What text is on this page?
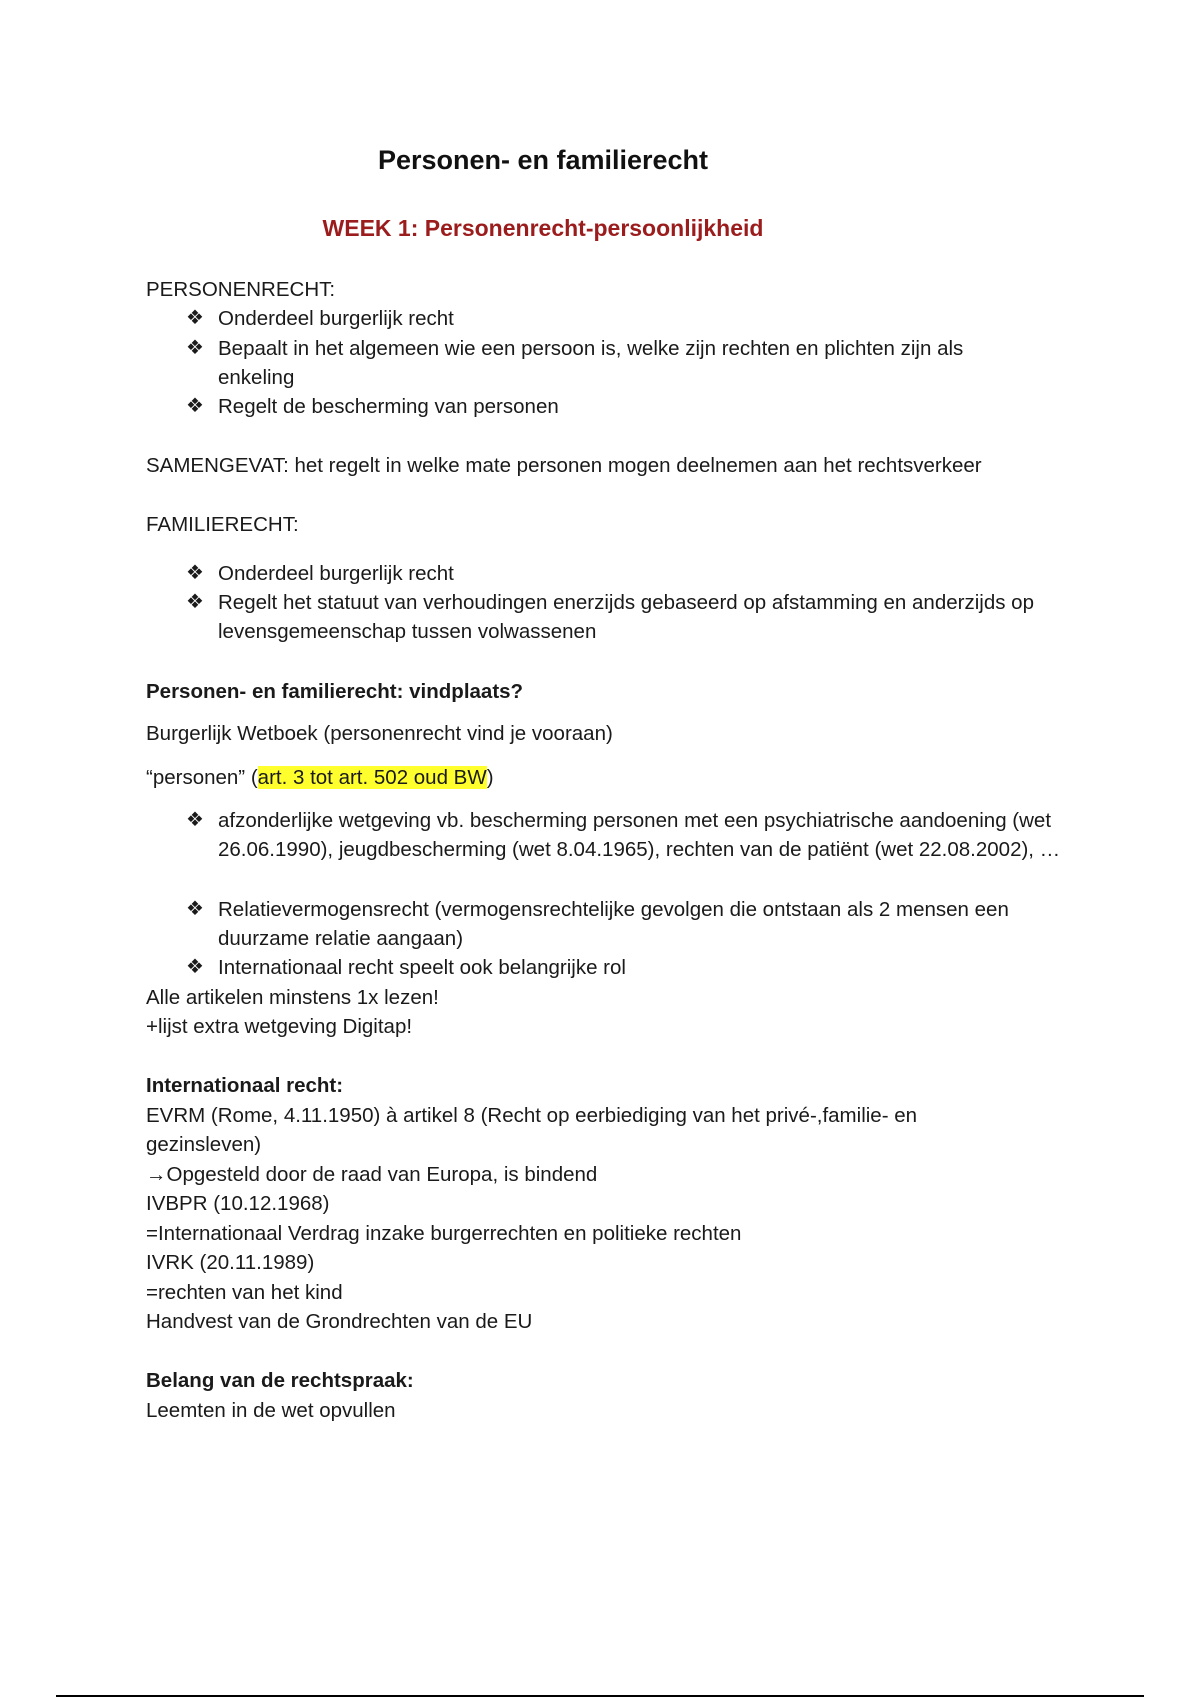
Personen- en familierecht
WEEK 1: Personenrecht-persoonlijkheid
PERSONENRECHT:
❖ Onderdeel burgerlijk recht
❖ Bepaalt in het algemeen wie een persoon is, welke zijn rechten en plichten zijn als enkeling
❖ Regelt de bescherming van personen
SAMENGEVAT: het regelt in welke mate personen mogen deelnemen aan het rechtsverkeer
FAMILIERECHT:
❖ Onderdeel burgerlijk recht
❖ Regelt het statuut van verhoudingen enerzijds gebaseerd op afstamming en anderzijds op levensgemeenschap tussen volwassenen
Personen- en familierecht: vindplaats?
Burgerlijk Wetboek (personenrecht vind je vooraan)
“personen” (art. 3 tot art. 502 oud BW)
❖ afzonderlijke wetgeving vb. bescherming personen met een psychiatrische aandoening (wet 26.06.1990), jeugdbescherming (wet 8.04.1965), rechten van de patiënt (wet 22.08.2002), …
❖ Relatievermogensrecht (vermogensrechtelijke gevolgen die ontstaan als 2 mensen een duurzame relatie aangaan)
❖ Internationaal recht speelt ook belangrijke rol
Alle artikelen minstens 1x lezen!
+lijst extra wetgeving Digitap!
Internationaal recht:
EVRM (Rome, 4.11.1950) à artikel 8 (Recht op eerbiediging van het privé-,familie- en
gezinsleven)
→Opgesteld door de raad van Europa, is bindend
IVBPR (10.12.1968)
=Internationaal Verdrag inzake burgerrechten en politieke rechten
IVRK (20.11.1989)
=rechten van het kind
Handvest van de Grondrechten van de EU
Belang van de rechtspraak:
Leemten in de wet opvullen
